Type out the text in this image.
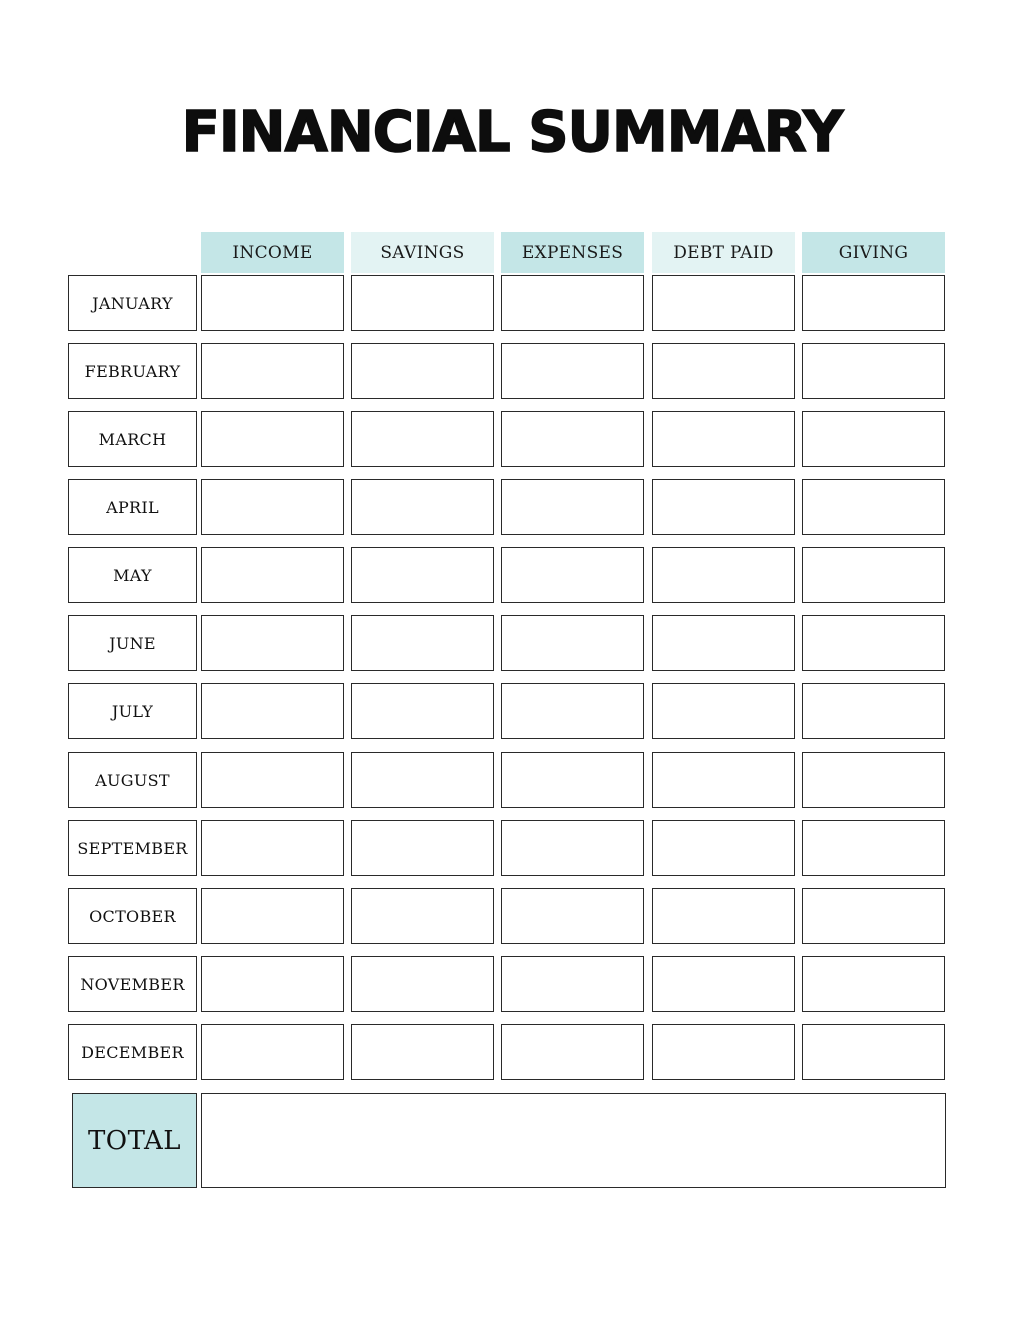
FINANCIAL SUMMARY
INCOME	SAVINGS	EXPENSES	DEBT PAID	GIVING
JANUARY
FEBRUARY
MARCH
APRIL
MAY
JUNE
JULY
AUGUST
SEPTEMBER
OCTOBER
NOVEMBER
DECEMBER
TOTAL
